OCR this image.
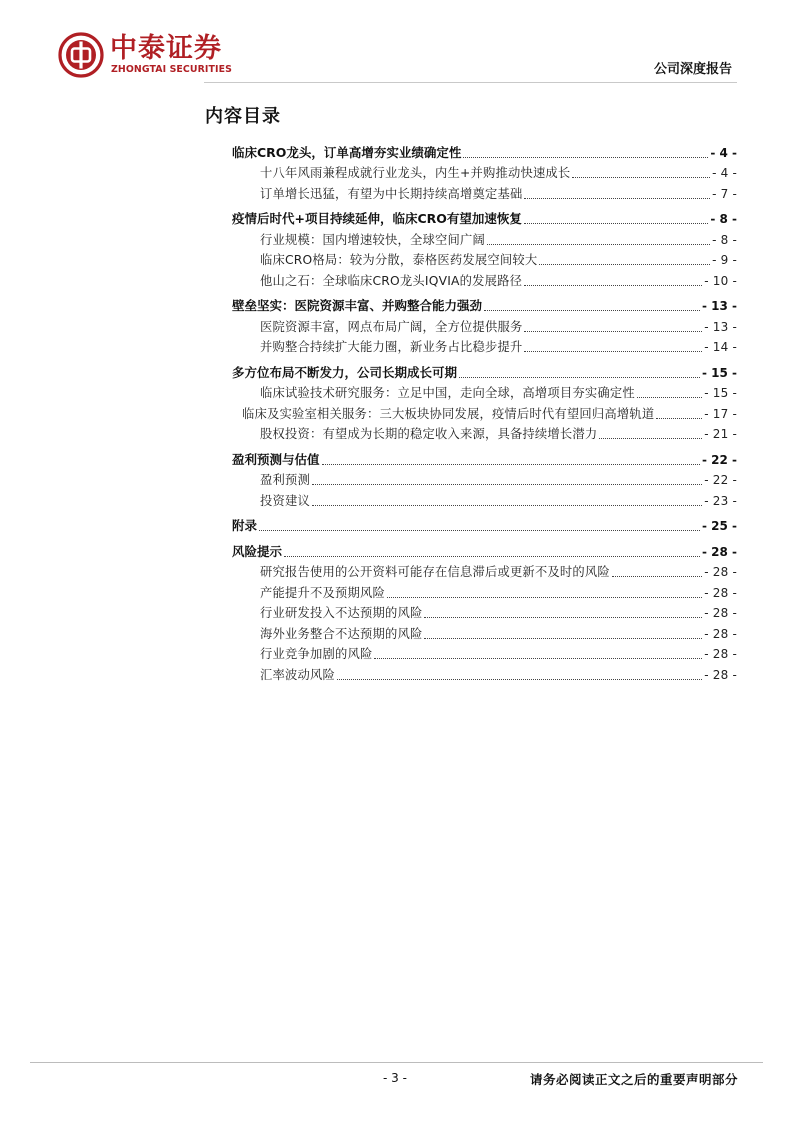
中泰证券
ZHONGTAI SECURITIES	公司深度报告
内容目录
临床CRO龙头，订单高增夯实业绩确定性	- 4 -
十八年风雨兼程成就行业龙头，内生+并购推动快速成长	- 4 -
订单增长迅猛，有望为中长期持续高增奠定基础	- 7 -
疫情后时代+项目持续延伸，临床CRO有望加速恢复	- 8 -
行业规模：国内增速较快，全球空间广阔	- 8 -
临床CRO格局：较为分散，泰格医药发展空间较大	- 9 -
他山之石：全球临床CRO龙头IQVIA的发展路径	- 10 -
壁垒坚实：医院资源丰富、并购整合能力强劲	- 13 -
医院资源丰富，网点布局广阔，全方位提供服务	- 13 -
并购整合持续扩大能力圈，新业务占比稳步提升	- 14 -
多方位布局不断发力，公司长期成长可期	- 15 -
临床试验技术研究服务：立足中国，走向全球，高增项目夯实确定性	- 15 -
临床及实验室相关服务：三大板块协同发展，疫情后时代有望回归高增轨道	- 17 -
股权投资：有望成为长期的稳定收入来源，具备持续增长潜力	- 21 -
盈利预测与估值	- 22 -
盈利预测	- 22 -
投资建议	- 23 -
附录	- 25 -
风险提示	- 28 -
研究报告使用的公开资料可能存在信息滞后或更新不及时的风险	- 28 -
产能提升不及预期风险	- 28 -
行业研发投入不达预期的风险	- 28 -
海外业务整合不达预期的风险	- 28 -
行业竞争加剧的风险	- 28 -
汇率波动风险	- 28 -
- 3 -	请务必阅读正文之后的重要声明部分
